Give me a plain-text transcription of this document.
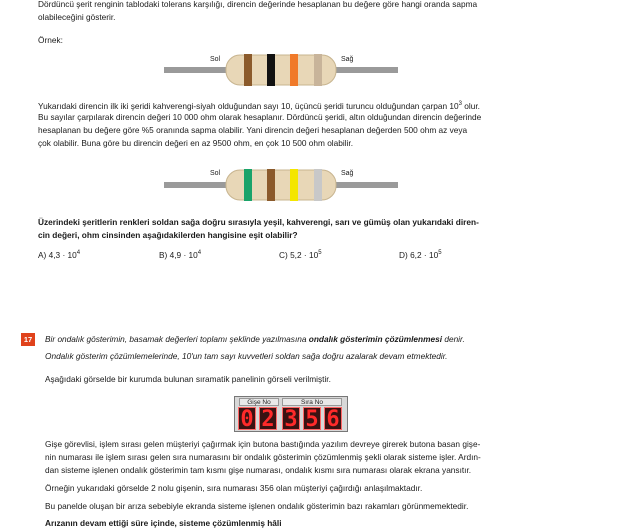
Dördüncü şerit renginin tablodaki tolerans karşılığı, direncin değerinde hesaplanan bu değere göre hangi oranda sapma

olabileceğini gösterir.

Örnek:

Sol	Sağ

Yukarıdaki direncin ilk iki şeridi kahverengi-siyah olduğundan sayı 10, üçüncü şeridi turuncu olduğundan çarpan $10^3$ olur.

Bu sayılar çarpılarak direncin değeri 10 000 ohm olarak hesaplanır. Dördüncü şeridi, altın olduğundan direncin değerinde

hesaplanan bu değere göre %5 oranında sapma olabilir. Yani direncin değeri hesaplanan değerden 500 ohm az veya

çok olabilir. Buna göre bu direncin değeri en az 9500 ohm, en çok 10 500 ohm olabilir.

Sol	Sağ

Üzerindeki şeritlerin renkleri soldan sağa doğru sırasıyla yeşil, kahverengi, sarı ve gümüş olan yukarıdaki diren-

cin değeri, ohm cinsinden aşağıdakilerden hangisine eşit olabilir?

A) $4,3 \cdot 10^4$	B) $4,9 \cdot 10^4$	C) $5,2 \cdot 10^5$	D) $6,2 \cdot 10^5$
17	Bir ondalık gösterimin, basamak değerleri toplamı şeklinde yazılmasına ondalık gösterimin çözümlenmesi denir.

Ondalık gösterim çözümlemelerinde, 10'un tam sayı kuvvetleri soldan sağa doğru azalarak devam etmektedir.

Aşağıdaki görselde bir kurumda bulunan sıramatik panelinin görseli verilmiştir.

Gişe No	Sıra No
0 2 3 5 6

Gişe görevlisi, işlem sırası gelen müşteriyi çağırmak için butona bastığında yazılım devreye girerek butona basan gişe-

nin numarası ile işlem sırası gelen sıra numarasını bir ondalık gösterimin çözümlenmiş şekli olarak sisteme işler. Ardın-

dan sisteme işlenen ondalık gösterimin tam kısmı gişe numarası, ondalık kısmı sıra numarası olarak ekrana yansıtır.

Örneğin yukarıdaki görselde 2 nolu gişenin, sıra numarası 356 olan müşteriyi çağırdığı anlaşılmaktadır.

Bu panelde oluşan bir arıza sebebiyle ekranda sisteme işlenen ondalık gösterimin bazı rakamları görünmemektedir.

Arızanın devam ettiği süre içinde, sisteme çözümlenmiş hâli
